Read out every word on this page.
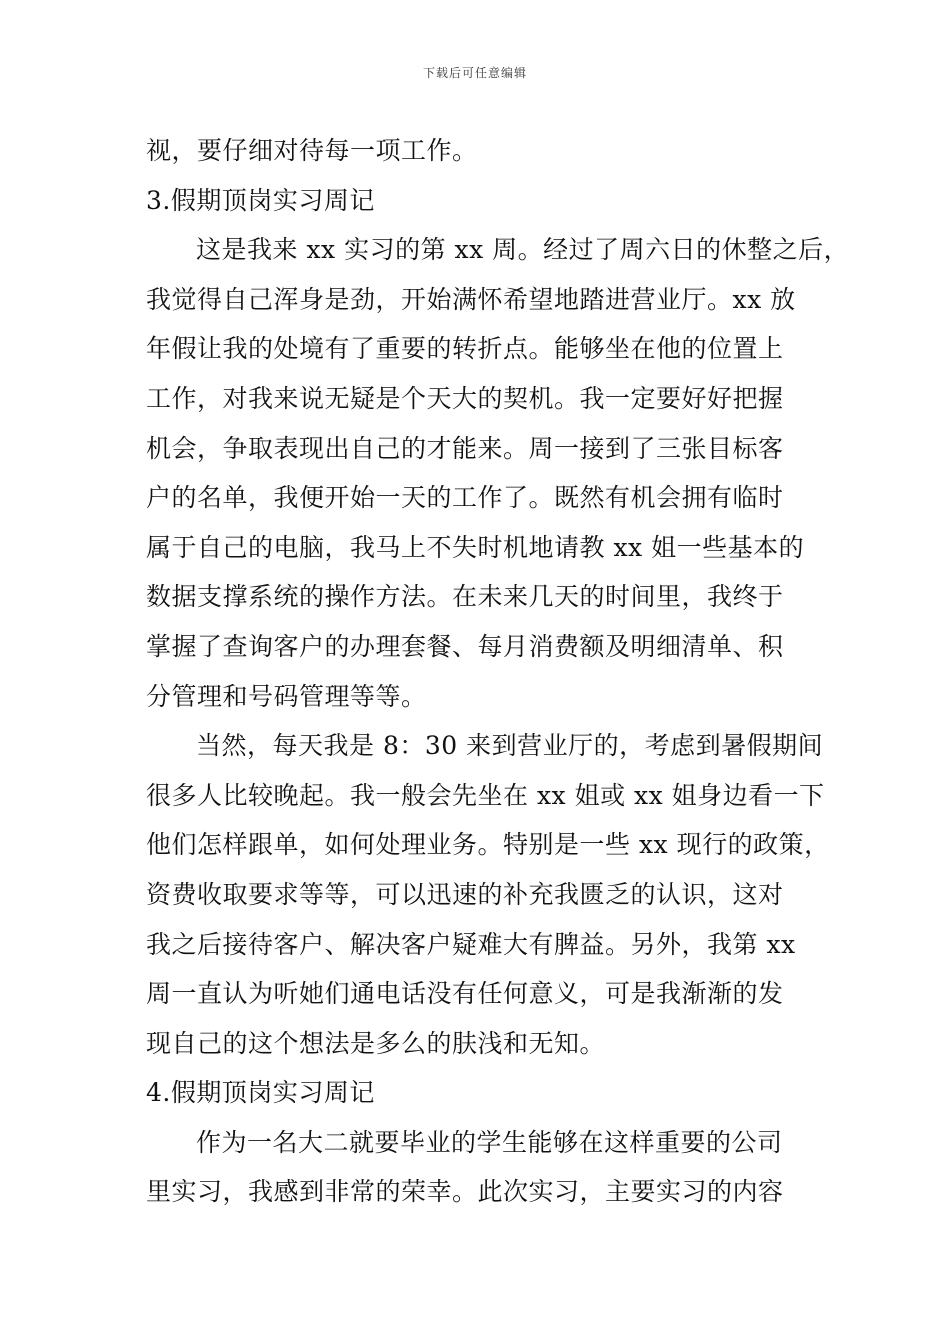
下载后可任意编辑
视，要仔细对待每一项工作。
3.假期顶岗实习周记
这是我来 xx 实习的第 xx 周。经过了周六日的休整之后，
我觉得自己浑身是劲，开始满怀希望地踏进营业厅。xx 放
年假让我的处境有了重要的转折点。能够坐在他的位置上
工作，对我来说无疑是个天大的契机。我一定要好好把握
机会，争取表现出自己的才能来。周一接到了三张目标客
户的名单，我便开始一天的工作了。既然有机会拥有临时
属于自己的电脑，我马上不失时机地请教 xx 姐一些基本的
数据支撑系统的操作方法。在未来几天的时间里，我终于
掌握了查询客户的办理套餐、每月消费额及明细清单、积
分管理和号码管理等等。
当然，每天我是 8：30 来到营业厅的，考虑到暑假期间
很多人比较晚起。我一般会先坐在 xx 姐或 xx 姐身边看一下
他们怎样跟单，如何处理业务。特别是一些 xx 现行的政策，
资费收取要求等等，可以迅速的补充我匮乏的认识，这对
我之后接待客户、解决客户疑难大有脾益。另外，我第 xx
周一直认为听她们通电话没有任何意义，可是我渐渐的发
现自己的这个想法是多么的肤浅和无知。
4.假期顶岗实习周记
作为一名大二就要毕业的学生能够在这样重要的公司
里实习，我感到非常的荣幸。此次实习，主要实习的内容
